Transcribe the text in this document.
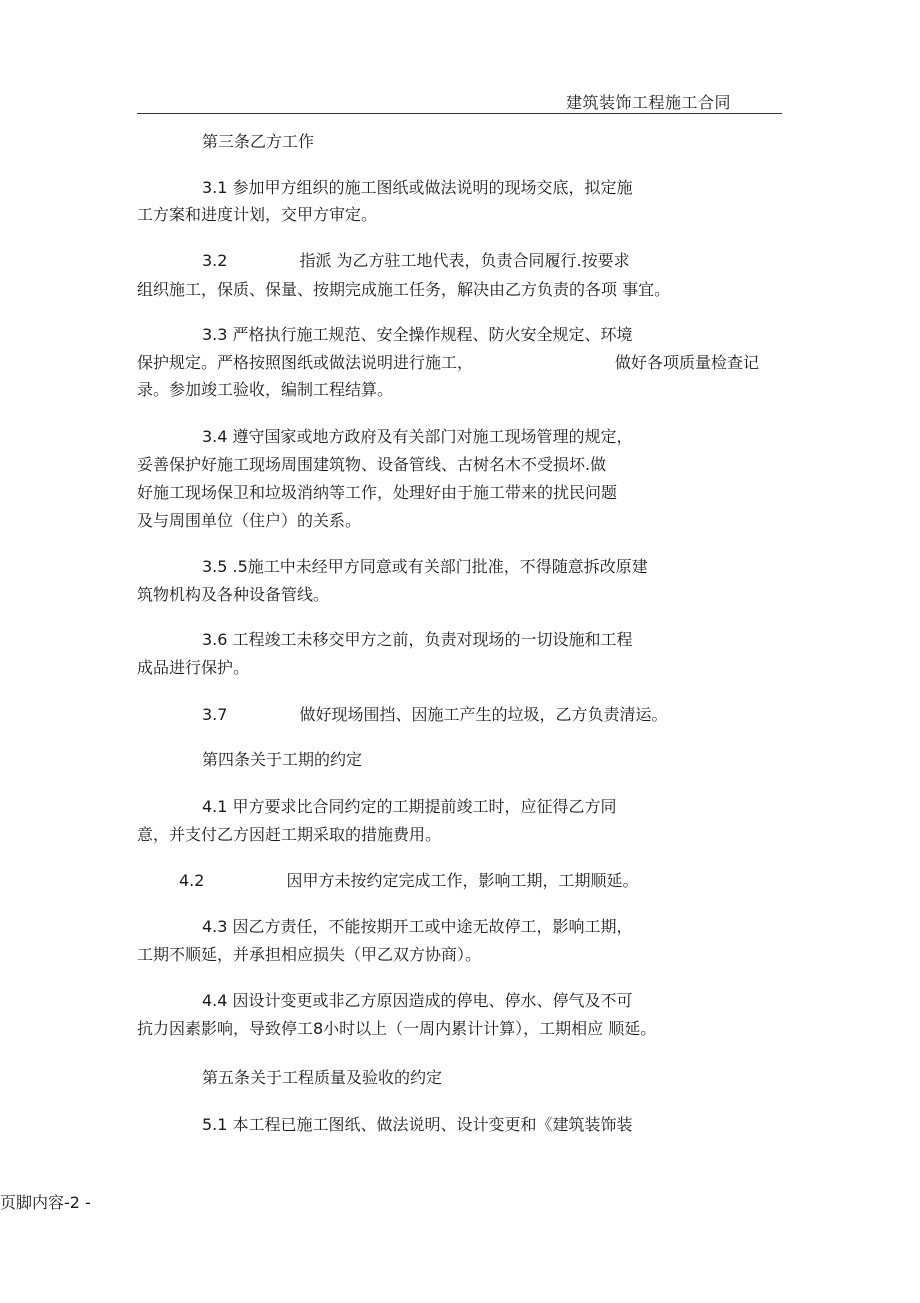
建筑装饰工程施工合同
第三条乙方工作
3.1 参加甲方组织的施工图纸或做法说明的现场交底，拟定施
工方案和进度计划，交甲方审定。
3.2	指派 为乙方驻工地代表，负责合同履行.按要求
组织施工，保质、保量、按期完成施工任务，解决由乙方负责的各项 事宜。
3.3 严格执行施工规范、安全操作规程、防火安全规定、环境
保护规定。严格按照图纸或做法说明进行施工，	做好各项质量检查记
录。参加竣工验收，编制工程结算。
3.4 遵守国家或地方政府及有关部门对施工现场管理的规定，
妥善保护好施工现场周围建筑物、设备管线、古树名木不受损坏.做
好施工现场保卫和垃圾消纳等工作，处理好由于施工带来的扰民问题
及与周围单位（住户）的关系。
3.5 .5施工中未经甲方同意或有关部门批准，不得随意拆改原建
筑物机构及各种设备管线。
3.6 工程竣工未移交甲方之前，负责对现场的一切设施和工程
成品进行保护。
3.7	做好现场围挡、因施工产生的垃圾，乙方负责清运。
第四条关于工期的约定
4.1 甲方要求比合同约定的工期提前竣工时，应征得乙方同
意，并支付乙方因赶工期采取的措施费用。
4.2	因甲方未按约定完成工作，影响工期，工期顺延。
4.3 因乙方责任，不能按期开工或中途无故停工，影响工期，
工期不顺延，并承担相应损失（甲乙双方协商）。
4.4 因设计变更或非乙方原因造成的停电、停水、停气及不可
抗力因素影响，导致停工8小时以上（一周内累计计算），工期相应 顺延。
第五条关于工程质量及验收的约定
5.1 本工程已施工图纸、做法说明、设计变更和《建筑装饰装
页脚内容-2 -
